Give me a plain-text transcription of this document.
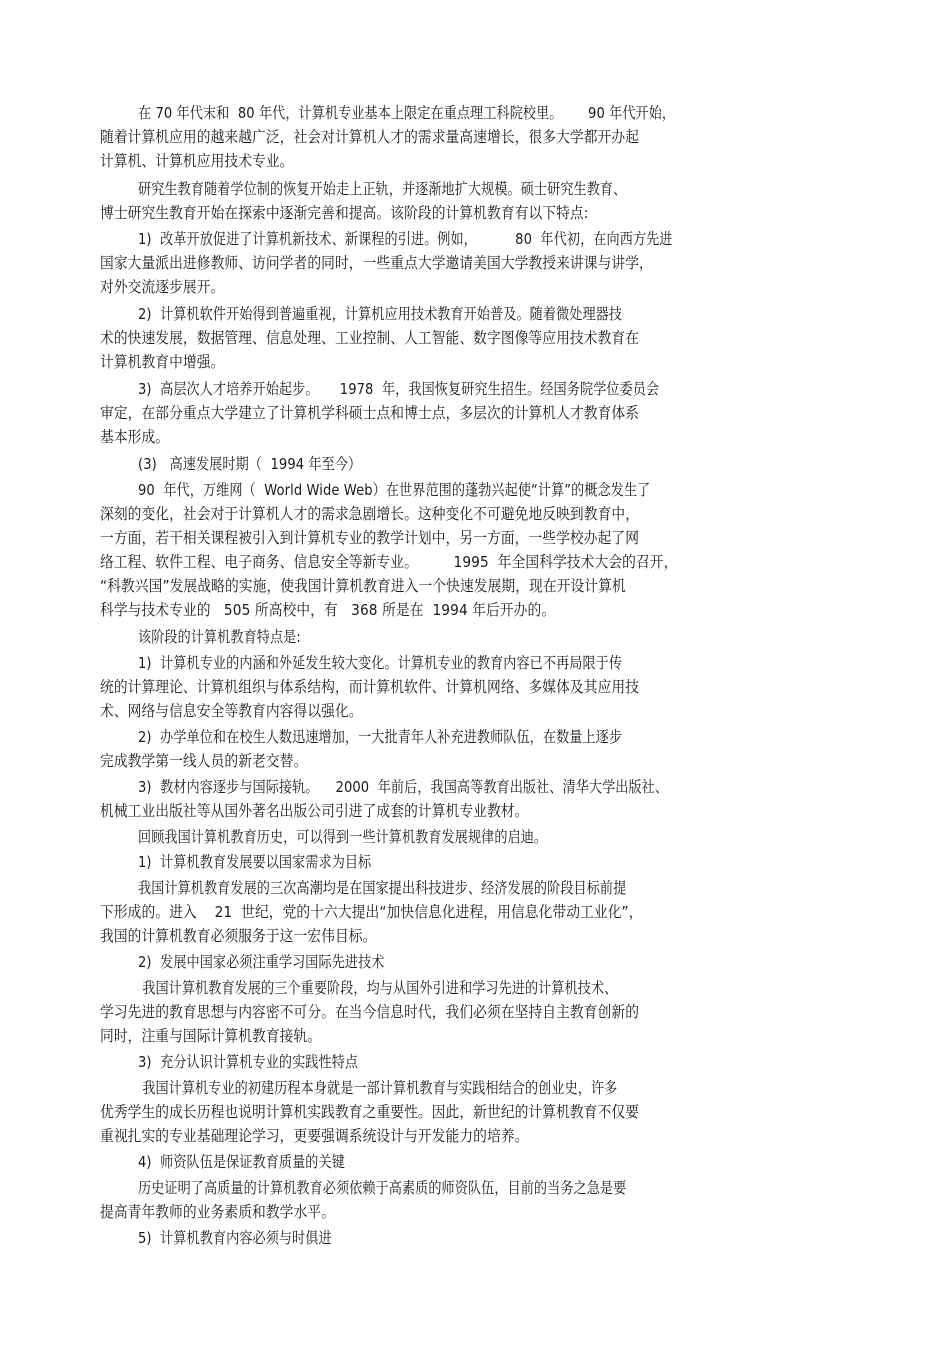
在 70 年代末和  80 年代，计算机专业基本上限定在重点理工科院校里。      90 年代开始，
随着计算机应用的越来越广泛，社会对计算机人才的需求量高速增长，很多大学都开办起
计算机、计算机应用技术专业。
研究生教育随着学位制的恢复开始走上正轨，并逐渐地扩大规模。硕士研究生教育、
博士研究生教育开始在探索中逐渐完善和提高。该阶段的计算机教育有以下特点:
1)  改革开放促进了计算机新技术、新课程的引进。例如，         80  年代初，在向西方先进
国家大量派出进修教师、访问学者的同时，一些重点大学邀请美国大学教授来讲课与讲学，
对外交流逐步展开。
2)  计算机软件开始得到普遍重视，计算机应用技术教育开始普及。随着微处理器技
术的快速发展，数据管理、信息处理、工业控制、人工智能、数字图像等应用技术教育在
计算机教育中增强。
3)  高层次人才培养开始起步。     1978  年，我国恢复研究生招生。经国务院学位委员会
审定，在部分重点大学建立了计算机学科硕士点和博士点，多层次的计算机人才教育体系
基本形成。
(3)   高速发展时期（  1994 年至今）
90  年代，万维网（  World Wide Web）在世界范围的蓬勃兴起使“计算”的概念发生了
深刻的变化，社会对于计算机人才的需求急剧增长。这种变化不可避免地反映到教育中，
一方面，若干相关课程被引入到计算机专业的教学计划中，另一方面，一些学校办起了网
络工程、软件工程、电子商务、信息安全等新专业。        1995  年全国科学技术大会的召开，
“科教兴国”发展战略的实施，使我国计算机教育进入一个快速发展期，现在开设计算机
科学与技术专业的   505 所高校中，有   368 所是在  1994 年后开办的。
该阶段的计算机教育特点是:
1)  计算机专业的内涵和外延发生较大变化。计算机专业的教育内容已不再局限于传
统的计算理论、计算机组织与体系结构，而计算机软件、计算机网络、多媒体及其应用技
术、网络与信息安全等教育内容得以强化。
2)  办学单位和在校生人数迅速增加，一大批青年人补充进教师队伍，在数量上逐步
完成教学第一线人员的新老交替。
3)  教材内容逐步与国际接轨。    2000  年前后，我国高等教育出版社、清华大学出版社、
机械工业出版社等从国外著名出版公司引进了成套的计算机专业教材。
回顾我国计算机教育历史，可以得到一些计算机教育发展规律的启迪。
1)  计算机教育发展要以国家需求为目标
我国计算机教育发展的三次高潮均是在国家提出科技进步、经济发展的阶段目标前提
下形成的。进入    21  世纪，党的十六大提出“加快信息化进程，用信息化带动工业化”，
我国的计算机教育必须服务于这一宏伟目标。
2)  发展中国家必须注重学习国际先进技术
我国计算机教育发展的三个重要阶段，均与从国外引进和学习先进的计算机技术、
学习先进的教育思想与内容密不可分。在当今信息时代，我们必须在坚持自主教育创新的
同时，注重与国际计算机教育接轨。
3)  充分认识计算机专业的实践性特点
我国计算机专业的初建历程本身就是一部计算机教育与实践相结合的创业史，许多
优秀学生的成长历程也说明计算机实践教育之重要性。因此，新世纪的计算机教育不仅要
重视扎实的专业基础理论学习，更要强调系统设计与开发能力的培养。
4)  师资队伍是保证教育质量的关键
历史证明了高质量的计算机教育必须依赖于高素质的师资队伍，目前的当务之急是要
提高青年教师的业务素质和教学水平。
5)  计算机教育内容必须与时俱进
